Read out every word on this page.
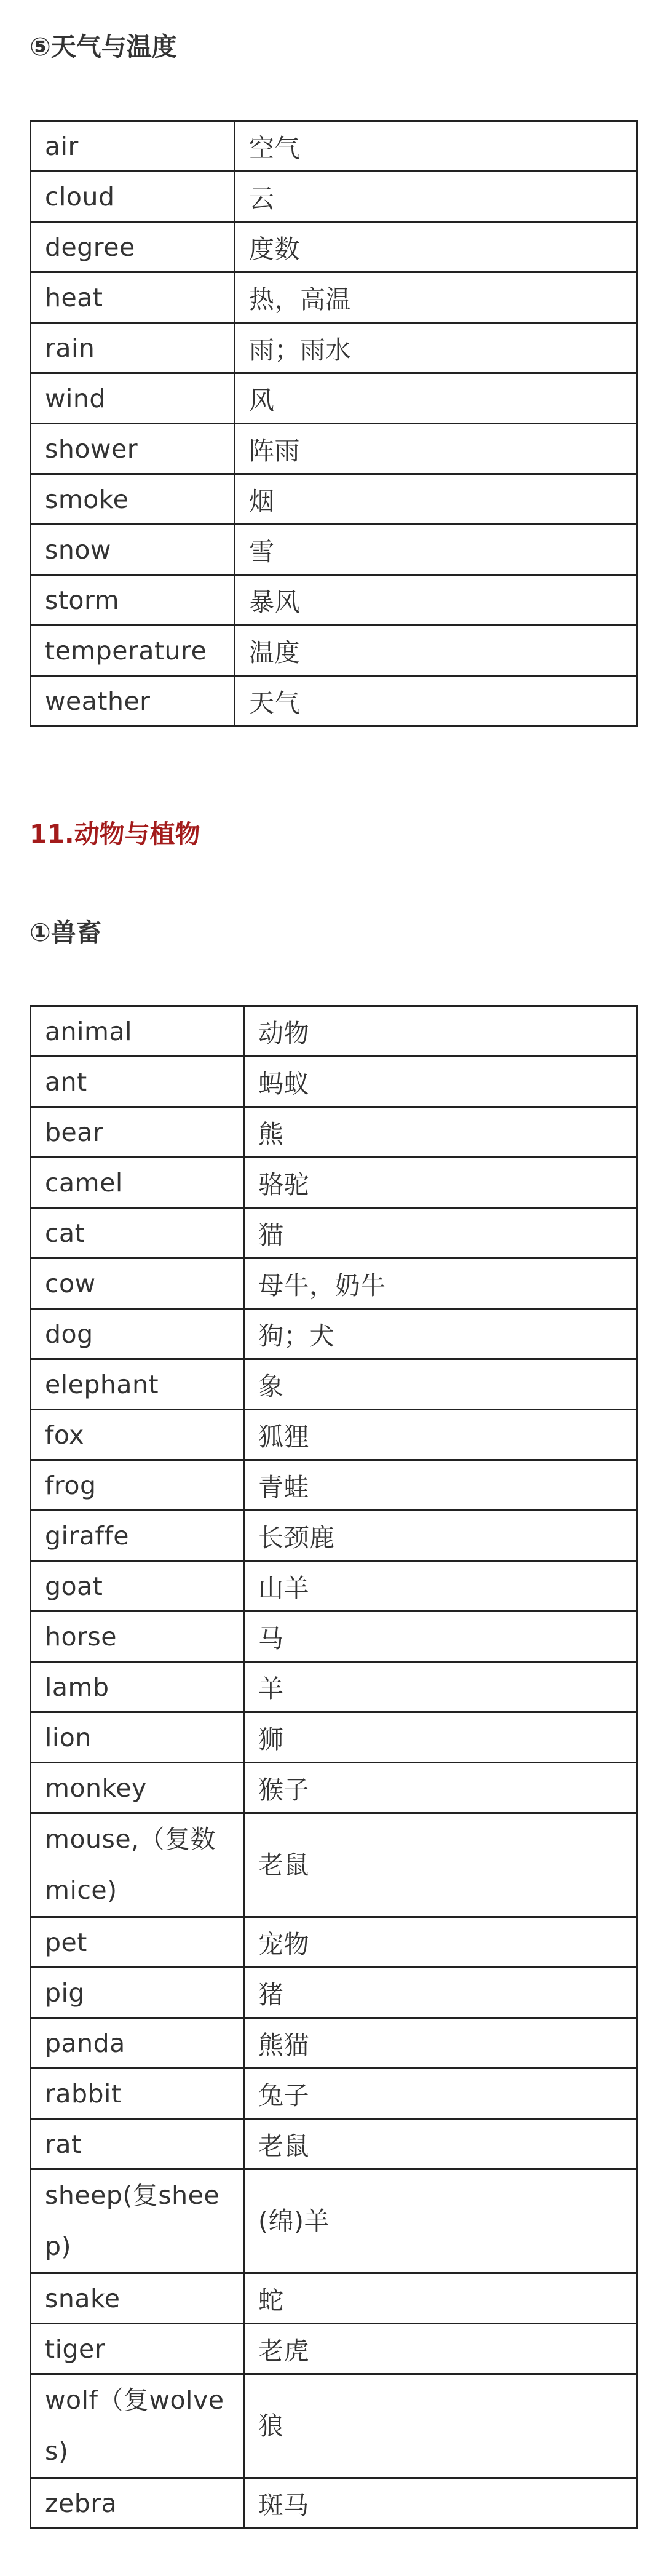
⑤天气与温度
air	空气
cloud	云
degree	度数
heat	热，高温
rain	雨；雨水
wind	风
shower	阵雨
smoke	烟
snow	雪
storm	暴风
temperature	温度
weather	天气
11.动物与植物
①兽畜
animal	动物
ant	蚂蚁
bear	熊
camel	骆驼
cat	猫
cow	母牛，奶牛
dog	狗；犬
elephant	象
fox	狐狸
frog	青蛙
giraffe	长颈鹿
goat	山羊
horse	马
lamb	羊
lion	狮
monkey	猴子
mouse,（复数 mice)	老鼠
pet	宠物
pig	猪
panda	熊猫
rabbit	兔子
rat	老鼠
sheep(复sheep)	(绵)羊
snake	蛇
tiger	老虎
wolf（复wolves)	狼
zebra	斑马
